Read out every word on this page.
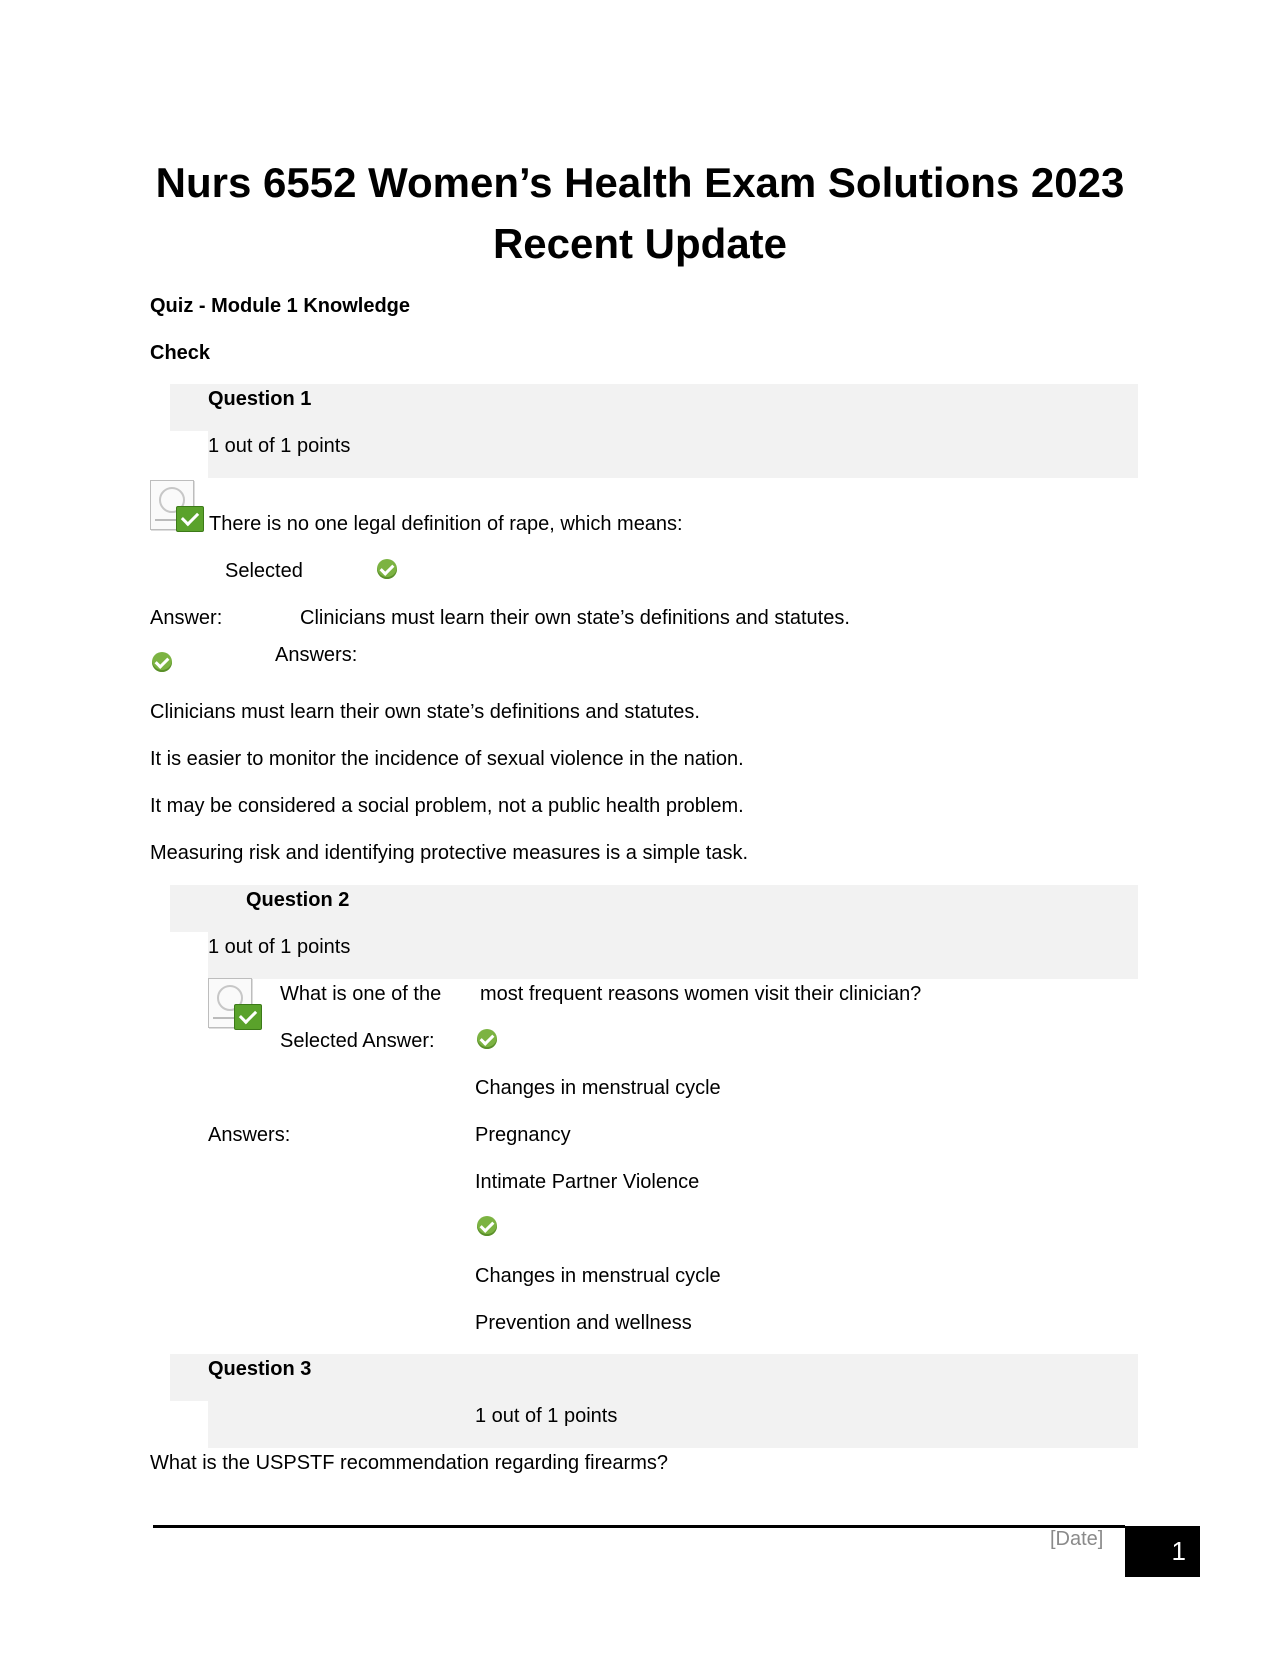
Nurs 6552 Women’s Health Exam Solutions 2023
Recent Update
Quiz - Module 1 Knowledge
Check
Question 1
1 out of 1 points
There is no one legal definition of rape, which means:
Selected
Answer:	Clinicians must learn their own state’s definitions and statutes.
Answers:
Clinicians must learn their own state’s definitions and statutes.
It is easier to monitor the incidence of sexual violence in the nation.
It may be considered a social problem, not a public health problem.
Measuring risk and identifying protective measures is a simple task.
Question 2
1 out of 1 points
What is one of the most frequent reasons women visit their clinician?
Selected Answer:
Changes in menstrual cycle
Answers:	Pregnancy
Intimate Partner Violence
Changes in menstrual cycle
Prevention and wellness
Question 3
1 out of 1 points
What is the USPSTF recommendation regarding firearms?
[Date]	1
